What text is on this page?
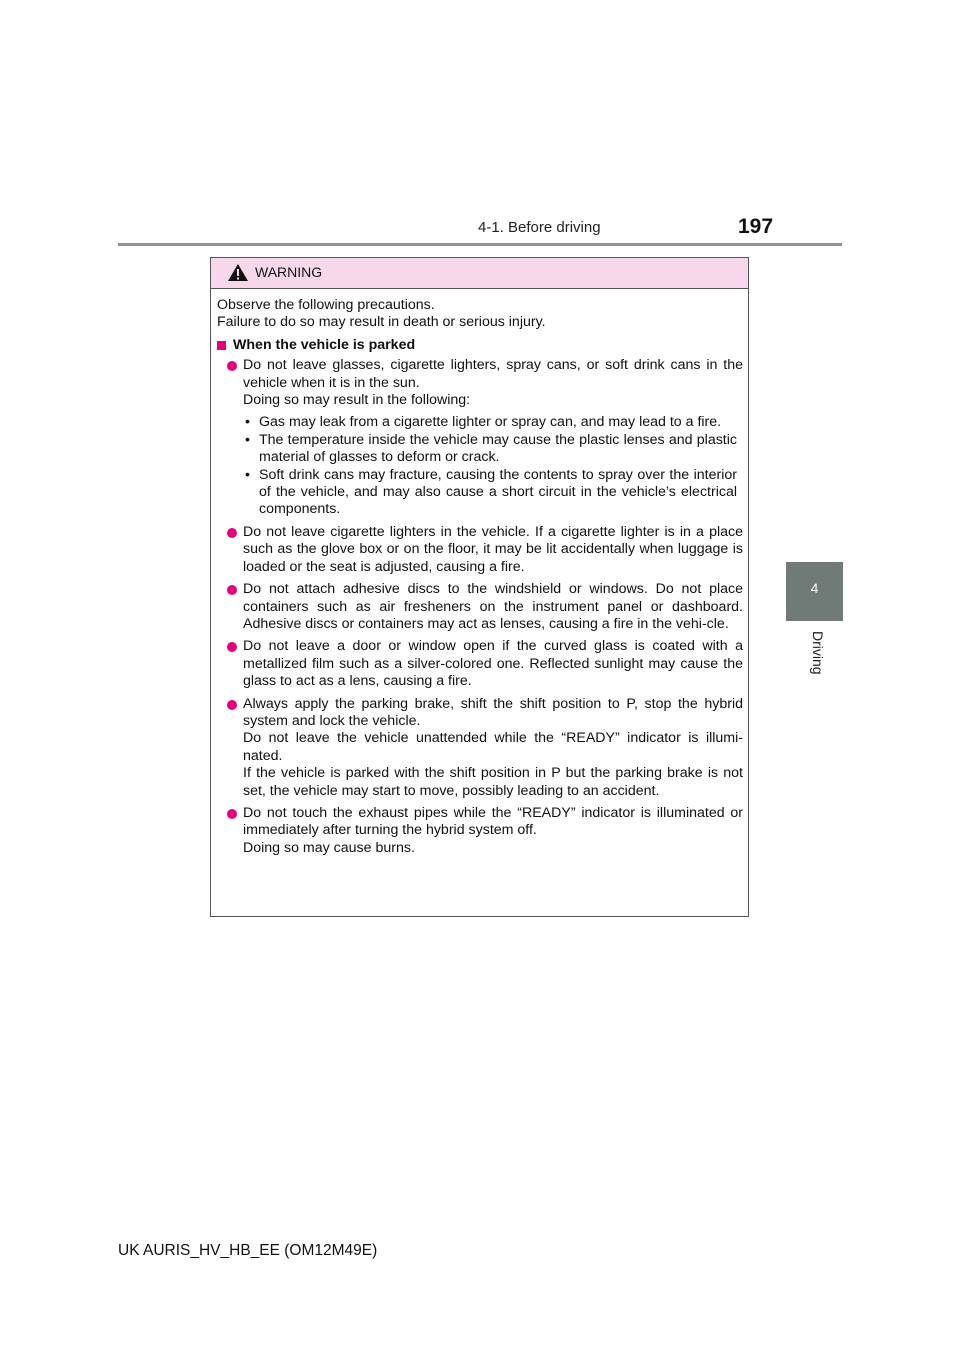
4-1. Before driving	197
4
Driving
WARNING
Observe the following precautions.
Failure to do so may result in death or serious injury.
When the vehicle is parked

Do not leave glasses, cigarette lighters, spray cans, or soft drink cans in the vehicle when it is in the sun.

Doing so may result in the following:

• Gas may leak from a cigarette lighter or spray can, and may lead to a fire.
• The temperature inside the vehicle may cause the plastic lenses and plastic material of glasses to deform or crack.
• Soft drink cans may fracture, causing the contents to spray over the interior of the vehicle, and may also cause a short circuit in the vehicle’s electrical components.

Do not leave cigarette lighters in the vehicle. If a cigarette lighter is in a place such as the glove box or on the floor, it may be lit accidentally when luggage is loaded or the seat is adjusted, causing a fire.

Do not attach adhesive discs to the windshield or windows. Do not place containers such as air fresheners on the instrument panel or dashboard. Adhesive discs or containers may act as lenses, causing a fire in the vehi-cle.

Do not leave a door or window open if the curved glass is coated with a metallized film such as a silver-colored one. Reflected sunlight may cause the glass to act as a lens, causing a fire.

Always apply the parking brake, shift the shift position to P, stop the hybrid system and lock the vehicle.

Do not leave the vehicle unattended while the “READY” indicator is illumi-nated.

If the vehicle is parked with the shift position in P but the parking brake is not set, the vehicle may start to move, possibly leading to an accident.

Do not touch the exhaust pipes while the “READY” indicator is illuminated or immediately after turning the hybrid system off.

Doing so may cause burns.

UK AURIS_HV_HB_EE (OM12M49E)
